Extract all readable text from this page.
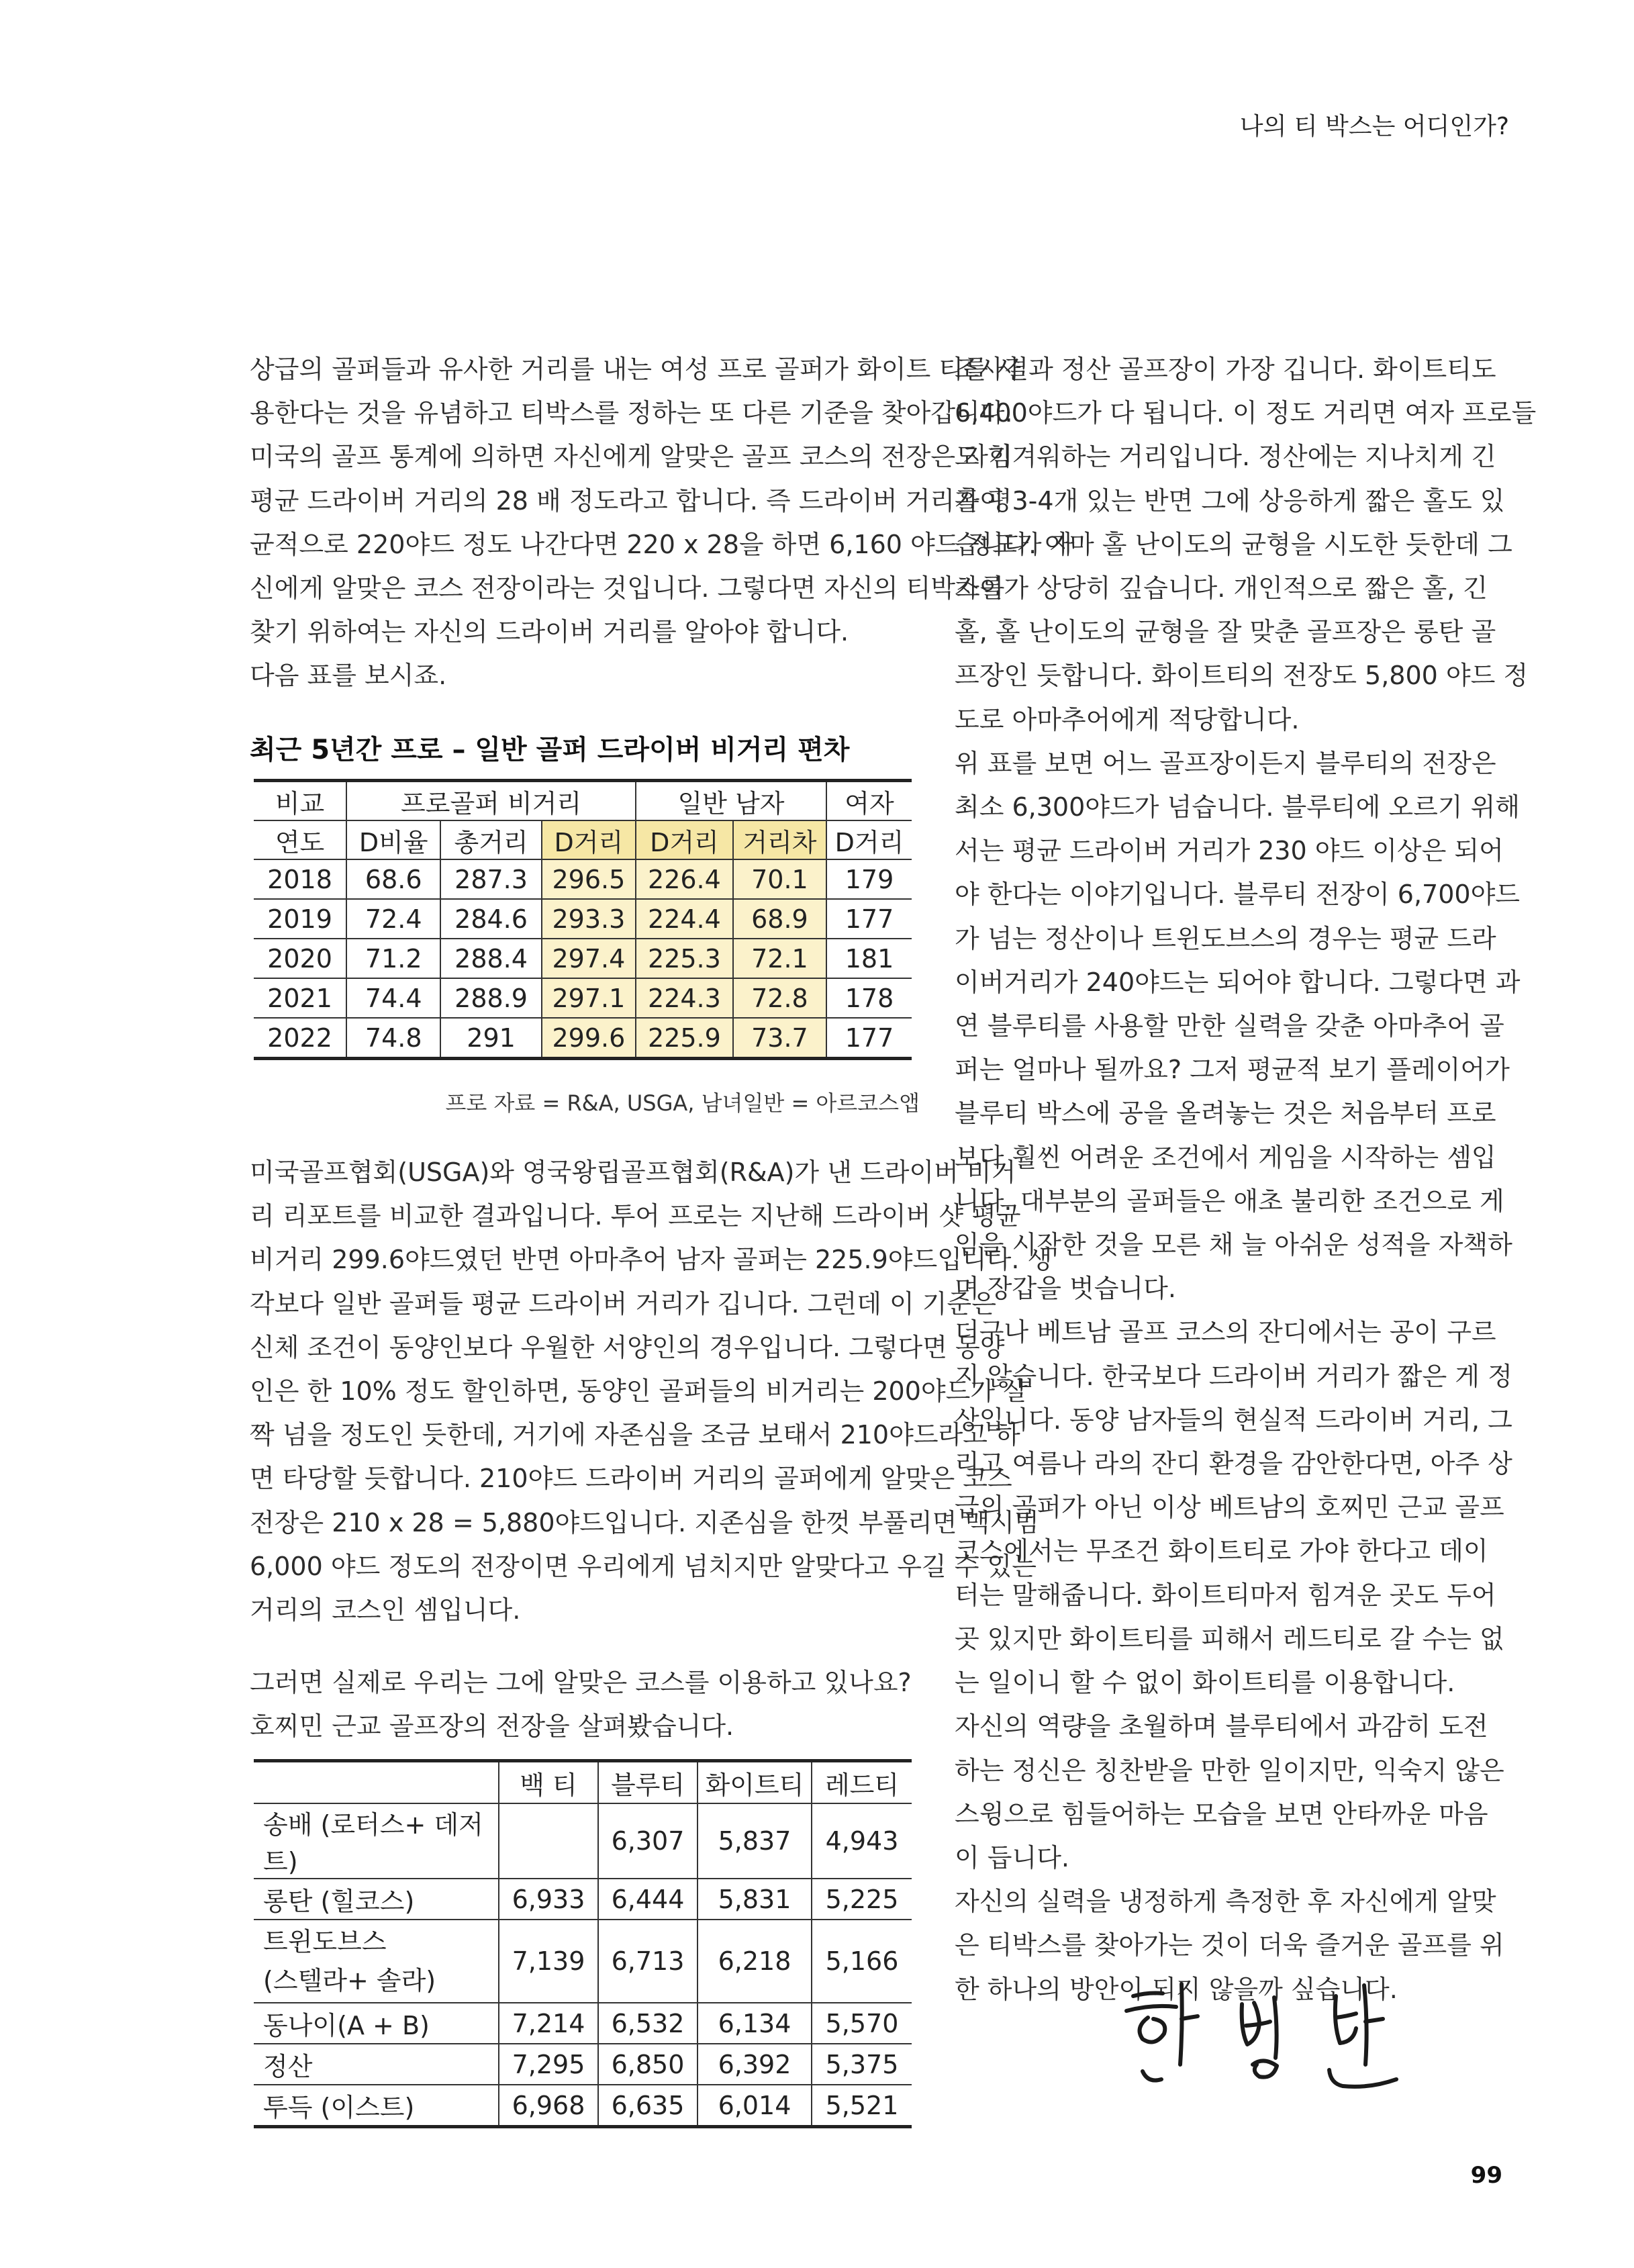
나의 티 박스는 어디인가?

상급의 골퍼들과 유사한 거리를 내는 여성 프로 골퍼가 화이트 티를 사

용한다는 것을 유념하고 티박스를 정하는 또 다른 기준을 찾아갑니다.

미국의 골프 통계에 의하면 자신에게 알맞은 골프 코스의 전장은 자기

평균 드라이버 거리의 28 배 정도라고 합니다. 즉 드라이버 거리가 평

균적으로 220야드 정도 나간다면 220 x 28을 하면 6,160 야드 정도가 자

신에게 알맞은 코스 전장이라는 것입니다. 그렇다면 자신의 티박스를

찾기 위하여는 자신의 드라이버 거리를 알아야 합니다.

다음 표를 보시죠.

최근 5년간 프로 – 일반 골퍼 드라이버 비거리 편차
비교	프로골퍼 비거리			일반 남자		여자
연도	D비율	총거리	D거리	D거리	거리차	D거리
2018	68.6	287.3	296.5	226.4	70.1	179
2019	72.4	284.6	293.3	224.4	68.9	177
2020	71.2	288.4	297.4	225.3	72.1	181
2021	74.4	288.9	297.1	224.3	72.8	178
2022	74.8	291	299.6	225.9	73.7	177
프로 자료 = R&A, USGA, 남녀일반 = 아르코스앱

미국골프협회(USGA)와 영국왕립골프협회(R&A)가 낸 드라이버 비거

리 리포트를 비교한 결과입니다. 투어 프로는 지난해 드라이버 샷 평균

비거리 299.6야드였던 반면 아마추어 남자 골퍼는 225.9야드입니다. 생

각보다 일반 골퍼들 평균 드라이버 거리가 깁니다. 그런데 이 기준은

신체 조건이 동양인보다 우월한 서양인의 경우입니다. 그렇다면 동양

인은 한 10% 정도 할인하면, 동양인 골퍼들의 비거리는 200야드가 살

짝 넘을 정도인 듯한데, 거기에 자존심을 조금 보태서 210야드라고 하

면 타당할 듯합니다. 210야드 드라이버 거리의 골퍼에게 알맞은 코스

전장은 210 x 28 = 5,880야드입니다. 지존심을 한껏 부풀리면 맥시멈

6,000 야드 정도의 전장이면 우리에게 넘치지만 알맞다고 우길 수 있는

거리의 코스인 셈입니다.

그러면 실제로 우리는 그에 알맞은 코스를 이용하고 있나요?

호찌민 근교 골프장의 전장을 살펴봤습니다.

	백 티	블루티	화이트티	레드티
송배 (로터스+ 데저트)		6,307	5,837	4,943
롱탄 (힐코스)	6,933	6,444	5,831	5,225

트윈도브스
(스텔라+ 솔라)	7,139	6,713	6,218	5,166
동나이(A + B)	7,214	6,532	6,134	5,570
정산	7,295	6,850	6,392	5,375
투득 (이스트)	6,968	6,635	6,014	5,521

조사결과 정산 골프장이 가장 깁니다. 화이트티도

6,400야드가 다 됩니다. 이 정도 거리면 여자 프로들

도 힘겨워하는 거리입니다. 정산에는 지나치게 긴

홀이 3-4개 있는 반면 그에 상응하게 짧은 홀도 있

습니다. 아마 홀 난이도의 균형을 시도한 듯한데 그

차이가 상당히 깊습니다. 개인적으로 짧은 홀, 긴

홀, 홀 난이도의 균형을 잘 맞춘 골프장은 롱탄 골

프장인 듯합니다. 화이트티의 전장도 5,800 야드 정

도로 아마추어에게 적당합니다.

위 표를 보면 어느 골프장이든지 블루티의 전장은

최소 6,300야드가 넘습니다. 블루티에 오르기 위해

서는 평균 드라이버 거리가 230 야드 이상은 되어

야 한다는 이야기입니다. 블루티 전장이 6,700야드

가 넘는 정산이나 트윈도브스의 경우는 평균 드라

이버거리가 240야드는 되어야 합니다. 그렇다면 과

연 블루티를 사용할 만한 실력을 갖춘 아마추어 골

퍼는 얼마나 될까요? 그저 평균적 보기 플레이어가

블루티 박스에 공을 올려놓는 것은 처음부터 프로

보다 훨씬 어려운 조건에서 게임을 시작하는 셈입

니다. 대부분의 골퍼들은 애초 불리한 조건으로 게

임을 시작한 것을 모른 채 늘 아쉬운 성적을 자책하

며 장갑을 벗습니다.

더구나 베트남 골프 코스의 잔디에서는 공이 구르

지 않습니다. 한국보다 드라이버 거리가 짧은 게 정

상입니다. 동양 남자들의 현실적 드라이버 거리, 그

리고 여름나 라의 잔디 환경을 감안한다면, 아주 상

급의 골퍼가 아닌 이상 베트남의 호찌민 근교 골프

코스에서는 무조건 화이트티로 가야 한다고 데이

터는 말해줍니다. 화이트티마저 힘겨운 곳도 두어

곳 있지만 화이트티를 피해서 레드티로 갈 수는 없

는 일이니 할 수 없이 화이트티를 이용합니다.

자신의 역량을 초월하며 블루티에서 과감히 도전

하는 정신은 칭찬받을 만한 일이지만, 익숙지 않은

스윙으로 힘들어하는 모습을 보면 안타까운 마음

이 듭니다.

자신의 실력을 냉정하게 측정한 후 자신에게 알맞

은 티박스를 찾아가는 것이 더욱 즐거운 골프를 위

한 하나의 방안이 되지 않을까 싶습니다.

99
